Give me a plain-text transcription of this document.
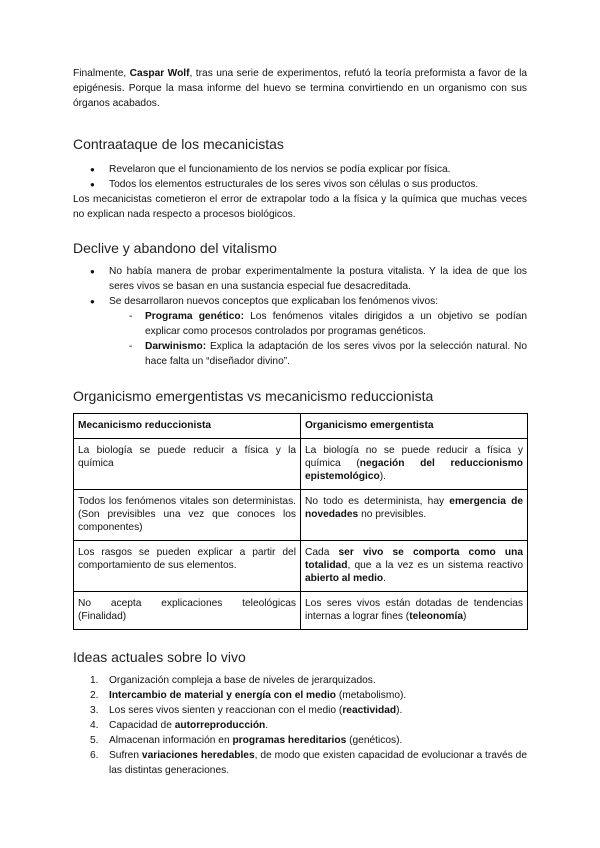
Finalmente, Caspar Wolf, tras una serie de experimentos, refutó la teoría preformista a favor de la epigénesis. Porque la masa informe del huevo se termina convirtiendo en un organismo con sus órganos acabados.

Contraataque de los mecanicistas
● Revelaron que el funcionamiento de los nervios se podía explicar por física.
● Todos los elementos estructurales de los seres vivos son células o sus productos.

Los mecanicistas cometieron el error de extrapolar todo a la física y la química que muchas veces no explican nada respecto a procesos biológicos.

Declive y abandono del vitalismo
● No había manera de probar experimentalmente la postura vitalista. Y la idea de que los seres vivos se basan en una sustancia especial fue desacreditada.
● Se desarrollaron nuevos conceptos que explicaban los fenómenos vivos:
- Programa genético: Los fenómenos vitales dirigidos a un objetivo se podían explicar como procesos controlados por programas genéticos.
- Darwinismo: Explica la adaptación de los seres vivos por la selección natural. No hace falta un “diseñador divino”.
Organicismo emergentistas vs mecanicismo reduccionista
Mecanicismo reduccionista	Organicismo emergentista
La biología se puede reducir a física y la química	La biología no se puede reducir a física y química (negación del reduccionismo epistemológico).
Todos los fenómenos vitales son deterministas. (Son previsibles una vez que conoces los componentes)	No todo es determinista, hay emergencia de novedades no previsibles.
Los rasgos se pueden explicar a partir del comportamiento de sus elementos.	Cada ser vivo se comporta como una totalidad, que a la vez es un sistema reactivo abierto al medio.
No acepta explicaciones teleológicas (Finalidad)	Los seres vivos están dotadas de tendencias internas a lograr fines (teleonomía)
Ideas actuales sobre lo vivo
1. Organización compleja a base de niveles de jerarquizados.
2. Intercambio de material y energía con el medio (metabolismo).
3. Los seres vivos sienten y reaccionan con el medio (reactividad).
4. Capacidad de autorreproducción.
5. Almacenan información en programas hereditarios (genéticos).
6. Sufren variaciones heredables, de modo que existen capacidad de evolucionar a través de las distintas generaciones.
